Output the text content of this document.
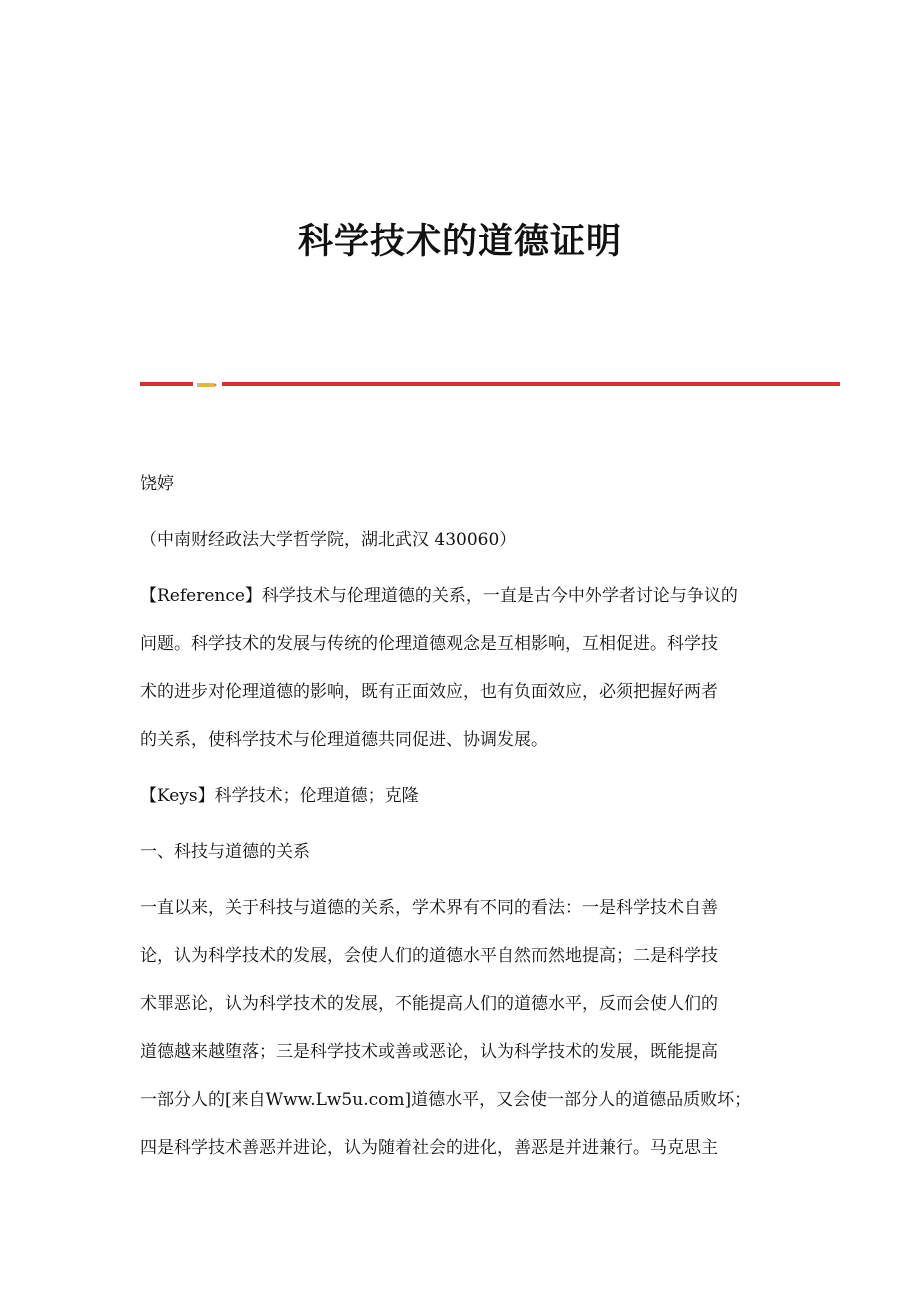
科学技术的道德证明

饶婷

（中南财经政法大学哲学院，湖北武汉 430060）

【Reference】科学技术与伦理道德的关系，一直是古今中外学者讨论与争议的

问题。科学技术的发展与传统的伦理道德观念是互相影响，互相促进。科学技

术的进步对伦理道德的影响，既有正面效应，也有负面效应，必须把握好两者

的关系，使科学技术与伦理道德共同促进、协调发展。

【Keys】科学技术；伦理道德；克隆

一、科技与道德的关系

一直以来，关于科技与道德的关系，学术界有不同的看法：一是科学技术自善

论，认为科学技术的发展，会使人们的道德水平自然而然地提高；二是科学技

术罪恶论，认为科学技术的发展，不能提高人们的道德水平，反而会使人们的

道德越来越堕落；三是科学技术或善或恶论，认为科学技术的发展，既能提高

一部分人的[来自Www.Lw5u.com]道德水平，又会使一部分人的道德品质败坏；

四是科学技术善恶并进论，认为随着社会的进化，善恶是并进兼行。马克思主
